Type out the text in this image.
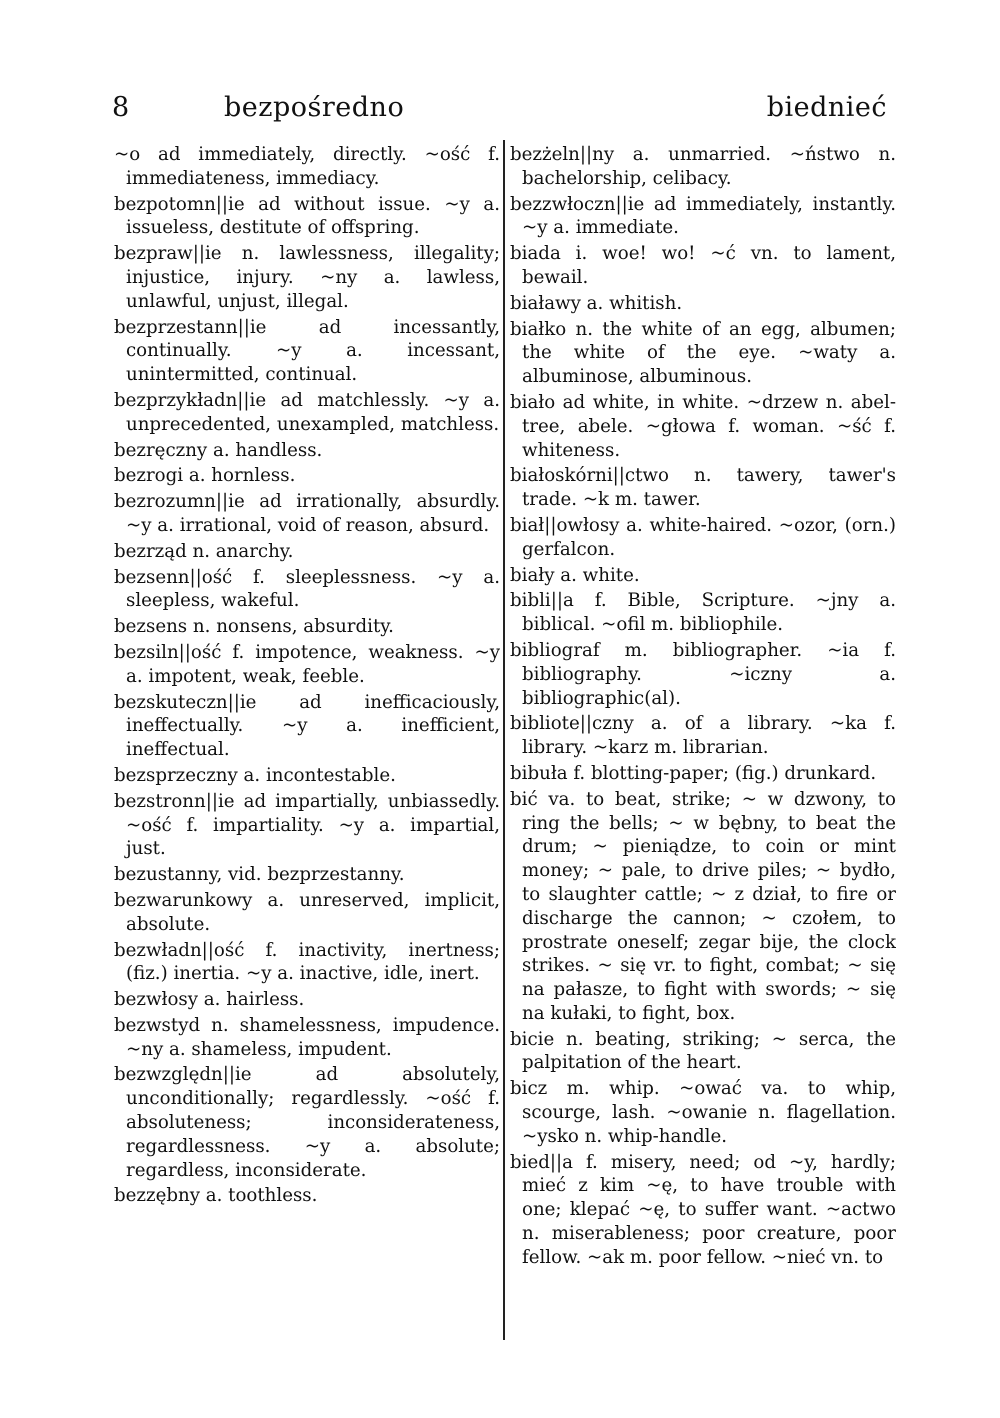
8	bezpośredno	biednieć

~o ad immediately, directly. ~ość f. immediateness, immediacy.

bezpotomn||ie ad without issue. ~y a. issueless, destitute of offspring.

bezpraw||ie n. lawlessness, illegality; injustice, injury. ~ny a. lawless, unlawful, unjust, illegal.

bezprzestann||ie ad incessantly, continually. ~y a. incessant, unintermitted, continual.

bezprzykładn||ie ad matchlessly. ~y a. unprecedented, unexampled, matchless.

bezręczny a. handless.

bezrogi a. hornless.

bezrozumn||ie ad irrationally, absurdly. ~y a. irrational, void of reason, absurd.

bezrząd n. anarchy.

bezsenn||ość f. sleeplessness. ~y a. sleepless, wakeful.

bezsens n. nonsens, absurdity.

bezsiln||ość f. impotence, weakness. ~y a. impotent, weak, feeble.

bezskuteczn||ie ad inefficaciously, ineffectually. ~y a. inefficient, ineffectual.

bezsprzeczny a. incontestable.

bezstronn||ie ad impartially, unbiassedly. ~ość f. impartiality. ~y a. impartial, just.

bezustanny, vid. bezprzestanny.

bezwarunkowy a. unreserved, implicit, absolute.

bezwładn||ość f. inactivity, inertness; (fiz.) inertia. ~y a. inactive, idle, inert.

bezwłosy a. hairless.

bezwstyd n. shamelessness, impudence. ~ny a. shameless, impudent.

bezwzględn||ie ad absolutely, unconditionally; regardlessly. ~ość f. absoluteness; inconsiderateness, regardlessness. ~y a. absolute; regardless, inconsiderate.

bezzębny a. toothless.

bezżeln||ny a. unmarried. ~ństwo n. bachelorship, celibacy.

bezzwłoczn||ie ad immediately, instantly. ~y a. immediate.

biada i. woe! wo! ~ć vn. to lament, bewail.

białawy a. whitish.

białko n. the white of an egg, albumen; the white of the eye. ~waty a. albuminose, albuminous.

biało ad white, in white. ~drzew n. abel-tree, abele. ~głowa f. woman. ~ść f. whiteness.

białoskórni||ctwo n. tawery, tawer's trade. ~k m. tawer.

biał||owłosy a. white-haired. ~ozor, (orn.) gerfalcon.

biały a. white.

bibli||a f. Bible, Scripture. ~jny a. biblical. ~ofil m. bibliophile.

bibliograf m. bibliographer. ~ia f. bibliography. ~iczny a. bibliographic(al).

bibliote||czny a. of a library. ~ka f. library. ~karz m. librarian.

bibuła f. blotting-paper; (fig.) drunkard.

bić va. to beat, strike; ~ w dzwony, to ring the bells; ~ w bębny, to beat the drum; ~ pieniądze, to coin or mint money; ~ pale, to drive piles; ~ bydło, to slaughter cattle; ~ z dział, to fire or discharge the cannon; ~ czołem, to prostrate oneself; zegar bije, the clock strikes. ~ się vr. to fight, combat; ~ się na pałasze, to fight with swords; ~ się na kułaki, to fight, box.

bicie n. beating, striking; ~ serca, the palpitation of the heart.

bicz m. whip. ~ować va. to whip, scourge, lash. ~owanie n. flagellation. ~ysko n. whip-handle.

bied||a f. misery, need; od ~y, hardly; mieć z kim ~ę, to have trouble with one; klepać ~ę, to suffer want. ~actwo n. miserableness; poor creature, poor fellow. ~ak m. poor fellow. ~nieć vn. to
